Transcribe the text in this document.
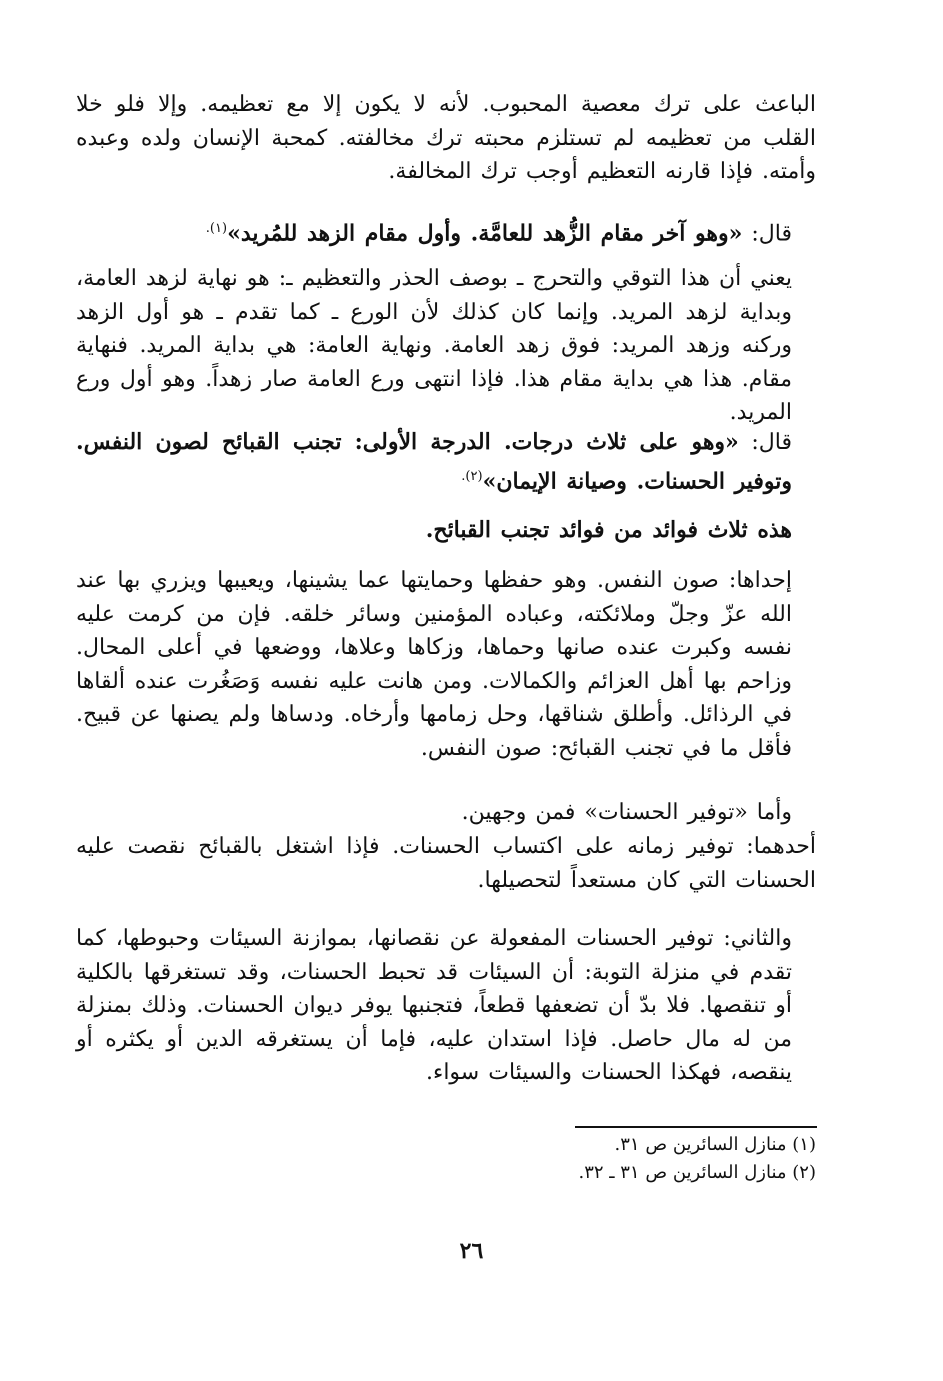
الباعث على ترك معصية المحبوب. لأنه لا يكون إلا مع تعظيمه. وإلا فلو خلا القلب من تعظيمه لم تستلزم محبته ترك مخالفته. كمحبة الإنسان ولده وعبده وأمته. فإذا قارنه التعظيم أوجب ترك المخالفة.

قال: «وهو آخر مقام الزُّهد للعامَّة. وأول مقام الزهد للمُريد»$^{(١).}$

يعني أن هذا التوقي والتحرج ـ بوصف الحذر والتعظيم ـ: هو نهاية لزهد العامة، وبداية لزهد المريد. وإنما كان كذلك لأن الورع ـ كما تقدم ـ هو أول الزهد وركنه وزهد المريد: فوق زهد العامة. ونهاية العامة: هي بداية المريد. فنهاية مقام. هذا هي بداية مقام هذا. فإذا انتهى ورع العامة صار زهداً. وهو أول ورع المريد.

قال: «وهو على ثلاث درجات. الدرجة الأولى: تجنب القبائح لصون النفس. وتوفير الحسنات. وصيانة الإيمان»$^{(٢).}$

هذه ثلاث فوائد من فوائد تجنب القبائح.

إحداها: صون النفس. وهو حفظها وحمايتها عما يشينها، ويعيبها ويزري بها عند الله عزّ وجلّ وملائكته، وعباده المؤمنين وسائر خلقه. فإن من كرمت عليه نفسه وكبرت عنده صانها وحماها، وزكاها وعلاها، ووضعها في أعلى المحال. وزاحم بها أهل العزائم والكمالات. ومن هانت عليه نفسه وَصَغُرت عنده ألقاها في الرذائل. وأطلق شناقها، وحل زمامها وأرخاه. ودساها ولم يصنها عن قبيح. فأقل ما في تجنب القبائح: صون النفس.

وأما «توفير الحسنات» فمن وجهين.

أحدهما: توفير زمانه على اكتساب الحسنات. فإذا اشتغل بالقبائح نقصت عليه الحسنات التي كان مستعداً لتحصيلها.

والثاني: توفير الحسنات المفعولة عن نقصانها، بموازنة السيئات وحبوطها، كما تقدم في منزلة التوبة: أن السيئات قد تحبط الحسنات، وقد تستغرقها بالكلية أو تنقصها. فلا بدّ أن تضعفها قطعاً، فتجنبها يوفر ديوان الحسنات. وذلك بمنزلة من له مال حاصل. فإذا استدان عليه، فإما أن يستغرقه الدين أو يكثره أو ينقصه، فهكذا الحسنات والسيئات سواء.

(١) منازل السائرين ص ٣١.

(٢) منازل السائرين ص ٣١ ـ ٣٢.

٢٦
